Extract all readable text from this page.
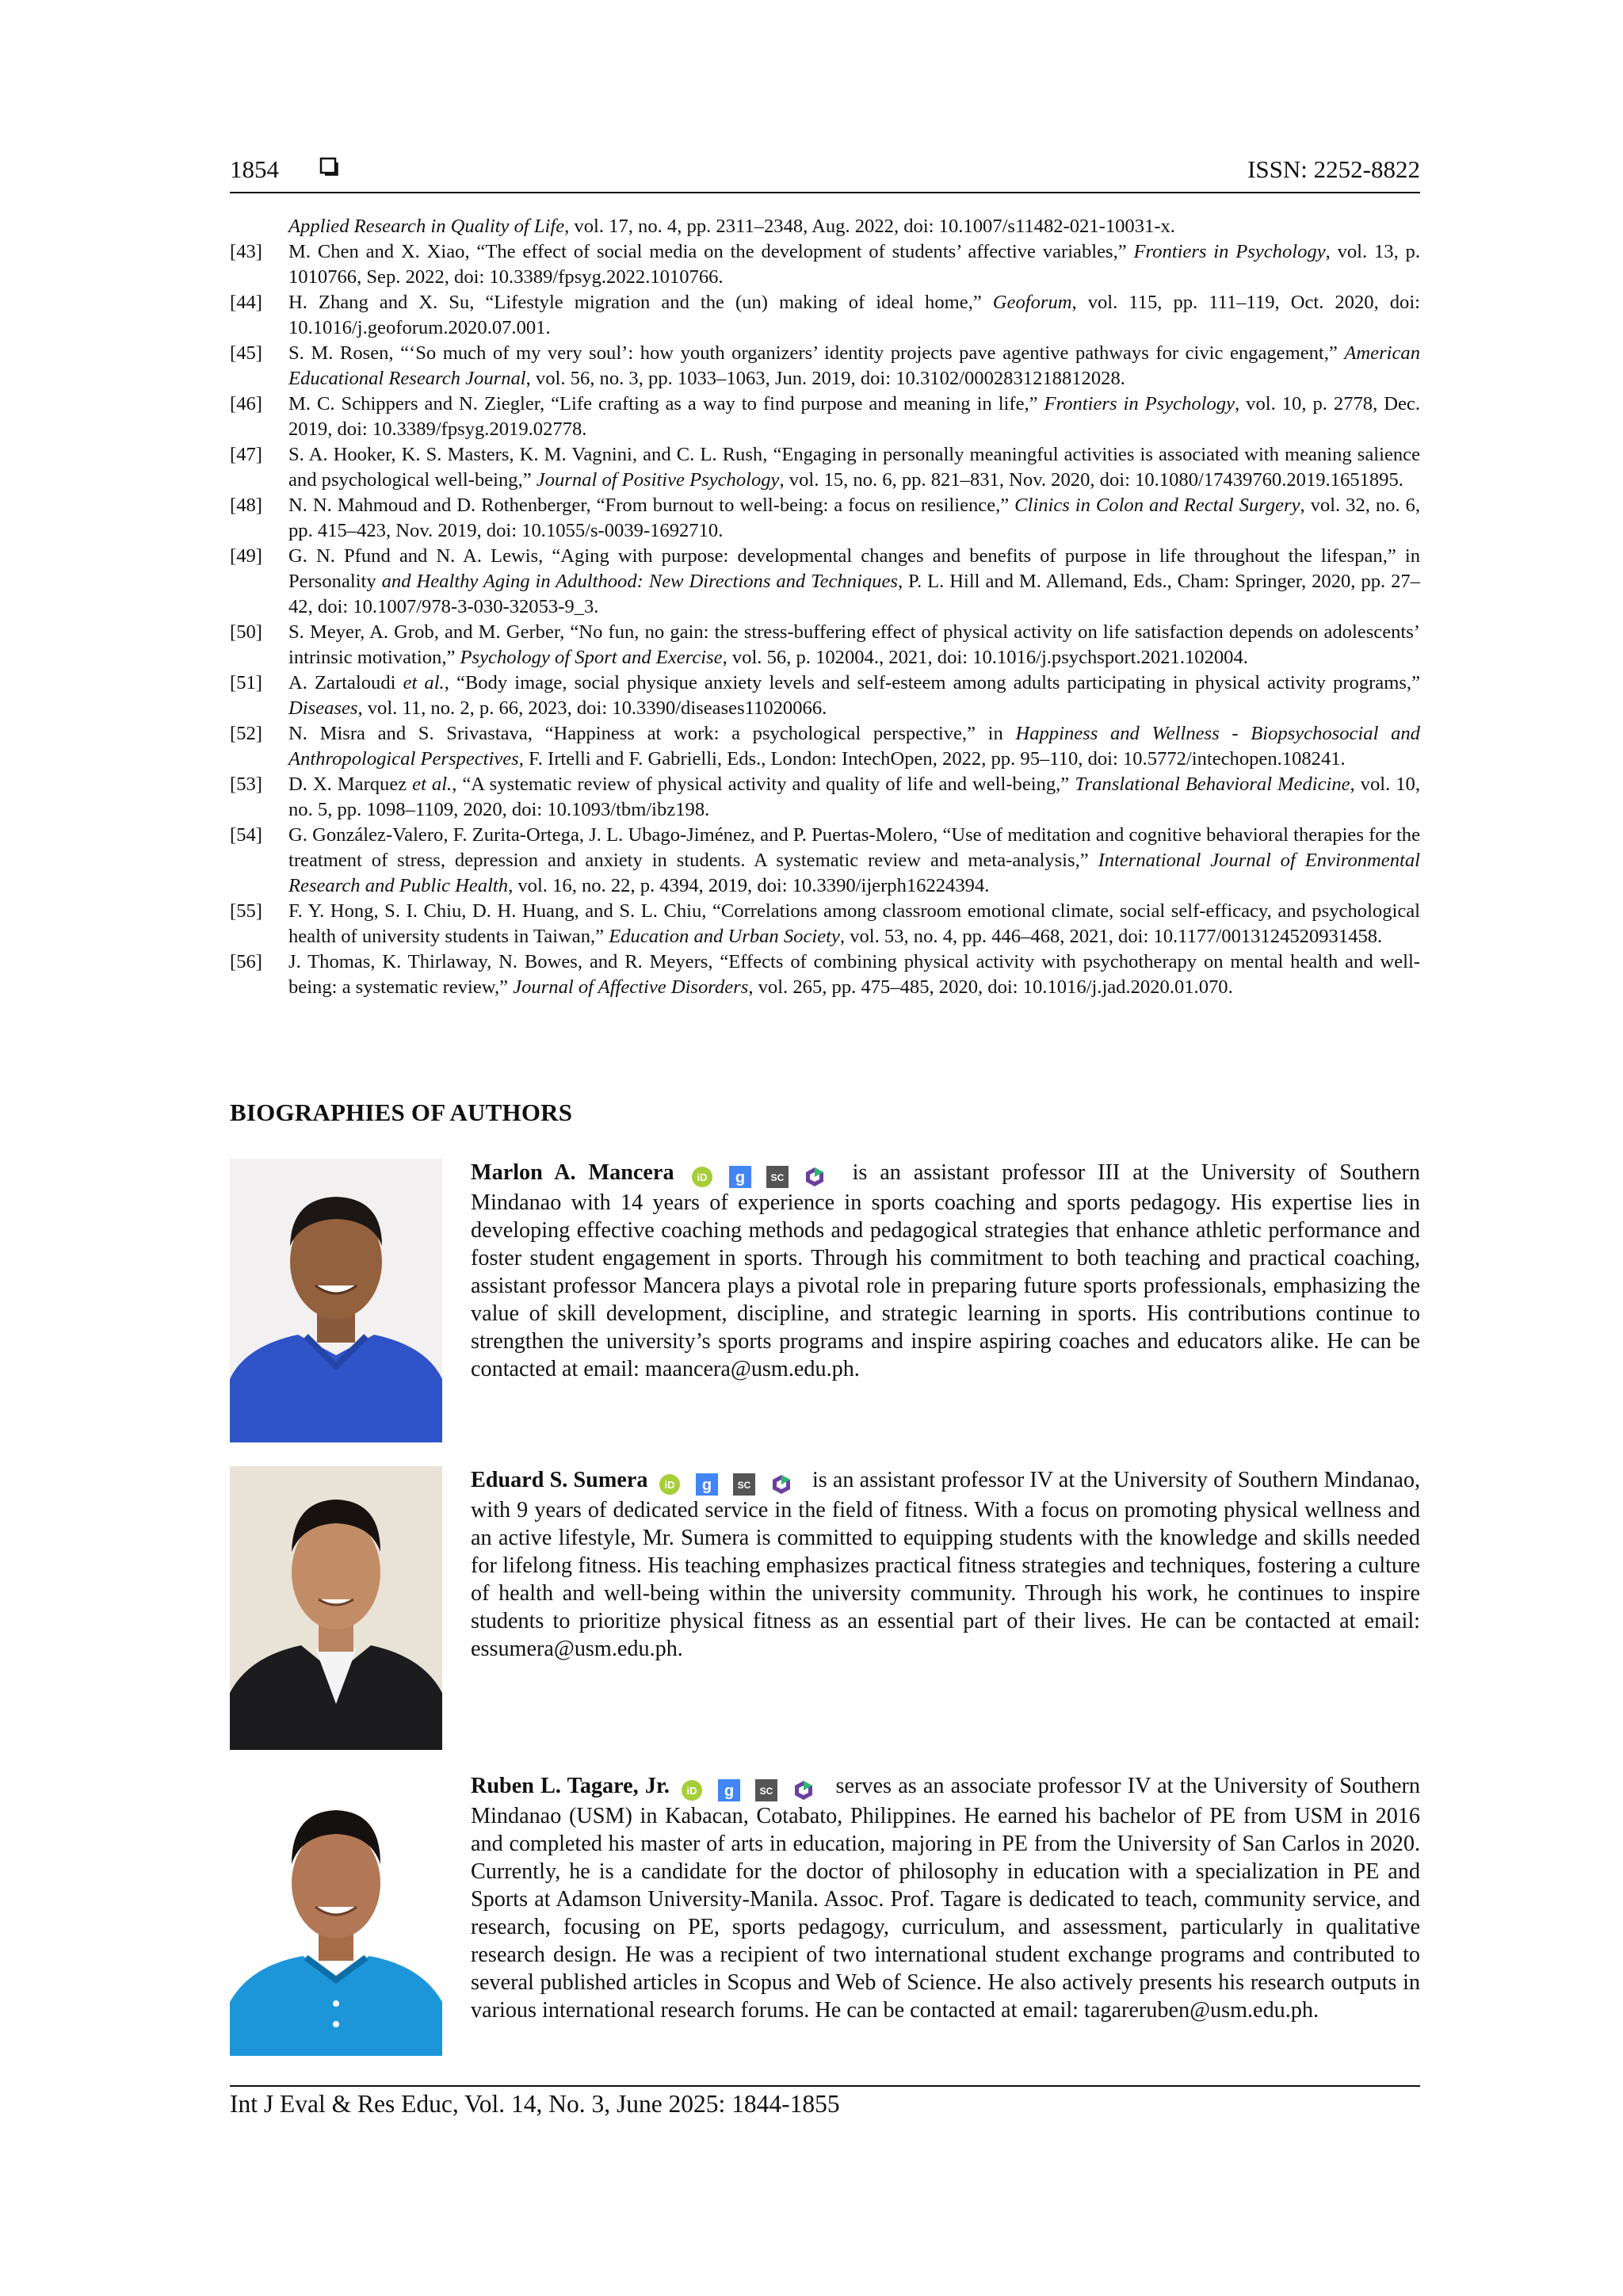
1854	ISSN: 2252-8822
Applied Research in Quality of Life, vol. 17, no. 4, pp. 2311–2348, Aug. 2022, doi: 10.1007/s11482-021-10031-x.
[43] M. Chen and X. Xiao, “The effect of social media on the development of students’ affective variables,” Frontiers in Psychology, vol. 13, p. 1010766, Sep. 2022, doi: 10.3389/fpsyg.2022.1010766.
[44] H. Zhang and X. Su, “Lifestyle migration and the (un) making of ideal home,” Geoforum, vol. 115, pp. 111–119, Oct. 2020, doi: 10.1016/j.geoforum.2020.07.001.
[45] S. M. Rosen, “‘So much of my very soul’: how youth organizers’ identity projects pave agentive pathways for civic engagement,” American Educational Research Journal, vol. 56, no. 3, pp. 1033–1063, Jun. 2019, doi: 10.3102/0002831218812028.
[46] M. C. Schippers and N. Ziegler, “Life crafting as a way to find purpose and meaning in life,” Frontiers in Psychology, vol. 10, p. 2778, Dec. 2019, doi: 10.3389/fpsyg.2019.02778.
[47] S. A. Hooker, K. S. Masters, K. M. Vagnini, and C. L. Rush, “Engaging in personally meaningful activities is associated with meaning salience and psychological well-being,” Journal of Positive Psychology, vol. 15, no. 6, pp. 821–831, Nov. 2020, doi: 10.1080/17439760.2019.1651895.
[48] N. N. Mahmoud and D. Rothenberger, “From burnout to well-being: a focus on resilience,” Clinics in Colon and Rectal Surgery, vol. 32, no. 6, pp. 415–423, Nov. 2019, doi: 10.1055/s-0039-1692710.
[49] G. N. Pfund and N. A. Lewis, “Aging with purpose: developmental changes and benefits of purpose in life throughout the lifespan,” in Personality and Healthy Aging in Adulthood: New Directions and Techniques, P. L. Hill and M. Allemand, Eds., Cham: Springer, 2020, pp. 27–42, doi: 10.1007/978-3-030-32053-9_3.
[50] S. Meyer, A. Grob, and M. Gerber, “No fun, no gain: the stress-buffering effect of physical activity on life satisfaction depends on adolescents’ intrinsic motivation,” Psychology of Sport and Exercise, vol. 56, p. 102004., 2021, doi: 10.1016/j.psychsport.2021.102004.
[51] A. Zartaloudi et al., “Body image, social physique anxiety levels and self-esteem among adults participating in physical activity programs,” Diseases, vol. 11, no. 2, p. 66, 2023, doi: 10.3390/diseases11020066.
[52] N. Misra and S. Srivastava, “Happiness at work: a psychological perspective,” in Happiness and Wellness - Biopsychosocial and Anthropological Perspectives, F. Irtelli and F. Gabrielli, Eds., London: IntechOpen, 2022, pp. 95–110, doi: 10.5772/intechopen.108241.
[53] D. X. Marquez et al., “A systematic review of physical activity and quality of life and well-being,” Translational Behavioral Medicine, vol. 10, no. 5, pp. 1098–1109, 2020, doi: 10.1093/tbm/ibz198.
[54] G. González-Valero, F. Zurita-Ortega, J. L. Ubago-Jiménez, and P. Puertas-Molero, “Use of meditation and cognitive behavioral therapies for the treatment of stress, depression and anxiety in students. A systematic review and meta-analysis,” International Journal of Environmental Research and Public Health, vol. 16, no. 22, p. 4394, 2019, doi: 10.3390/ijerph16224394.
[55] F. Y. Hong, S. I. Chiu, D. H. Huang, and S. L. Chiu, “Correlations among classroom emotional climate, social self-efficacy, and psychological health of university students in Taiwan,” Education and Urban Society, vol. 53, no. 4, pp. 446–468, 2021, doi: 10.1177/0013124520931458.
[56] J. Thomas, K. Thirlaway, N. Bowes, and R. Meyers, “Effects of combining physical activity with psychotherapy on mental health and well-being: a systematic review,” Journal of Affective Disorders, vol. 265, pp. 475–485, 2020, doi: 10.1016/j.jad.2020.01.070.
BIOGRAPHIES OF AUTHORS
Marlon A. Mancera iD
g
	SC	is an assistant professor III at the University of Southern Mindanao with 14 years of experience in sports coaching and sports pedagogy. His expertise lies in developing effective coaching methods and pedagogical strategies that enhance athletic performance and foster student engagement in sports. Through his commitment to both teaching and practical coaching, assistant professor Mancera plays a pivotal role in preparing future sports professionals, emphasizing the value of skill development, discipline, and strategic learning in sports. His contributions continue to strengthen the university’s sports programs and inspire aspiring coaches and educators alike. He can be contacted at email: maancera@usm.edu.ph.
Eduard S. Sumera iD
g
	SC	is an assistant professor IV at the University of Southern Mindanao, with 9 years of dedicated service in the field of fitness. With a focus on promoting physical wellness and an active lifestyle, Mr. Sumera is committed to equipping students with the knowledge and skills needed for lifelong fitness. His teaching emphasizes practical fitness strategies and techniques, fostering a culture of health and well-being within the university community. Through his work, he continues to inspire students to prioritize physical fitness as an essential part of their lives. He can be contacted at email: essumera@usm.edu.ph.
Ruben L. Tagare, Jr. iD
g
	SC	serves as an associate professor IV at the University of Southern Mindanao (USM) in Kabacan, Cotabato, Philippines. He earned his bachelor of PE from USM in 2016 and completed his master of arts in education, majoring in PE from the University of San Carlos in 2020. Currently, he is a candidate for the doctor of philosophy in education with a specialization in PE and Sports at Adamson University-Manila. Assoc. Prof. Tagare is dedicated to teach, community service, and research, focusing on PE, sports pedagogy, curriculum, and assessment, particularly in qualitative research design. He was a recipient of two international student exchange programs and contributed to several published articles in Scopus and Web of Science. He also actively presents his research outputs in various international research forums. He can be contacted at email: tagareruben@usm.edu.ph.
Int J Eval & Res Educ, Vol. 14, No. 3, June 2025: 1844-1855
